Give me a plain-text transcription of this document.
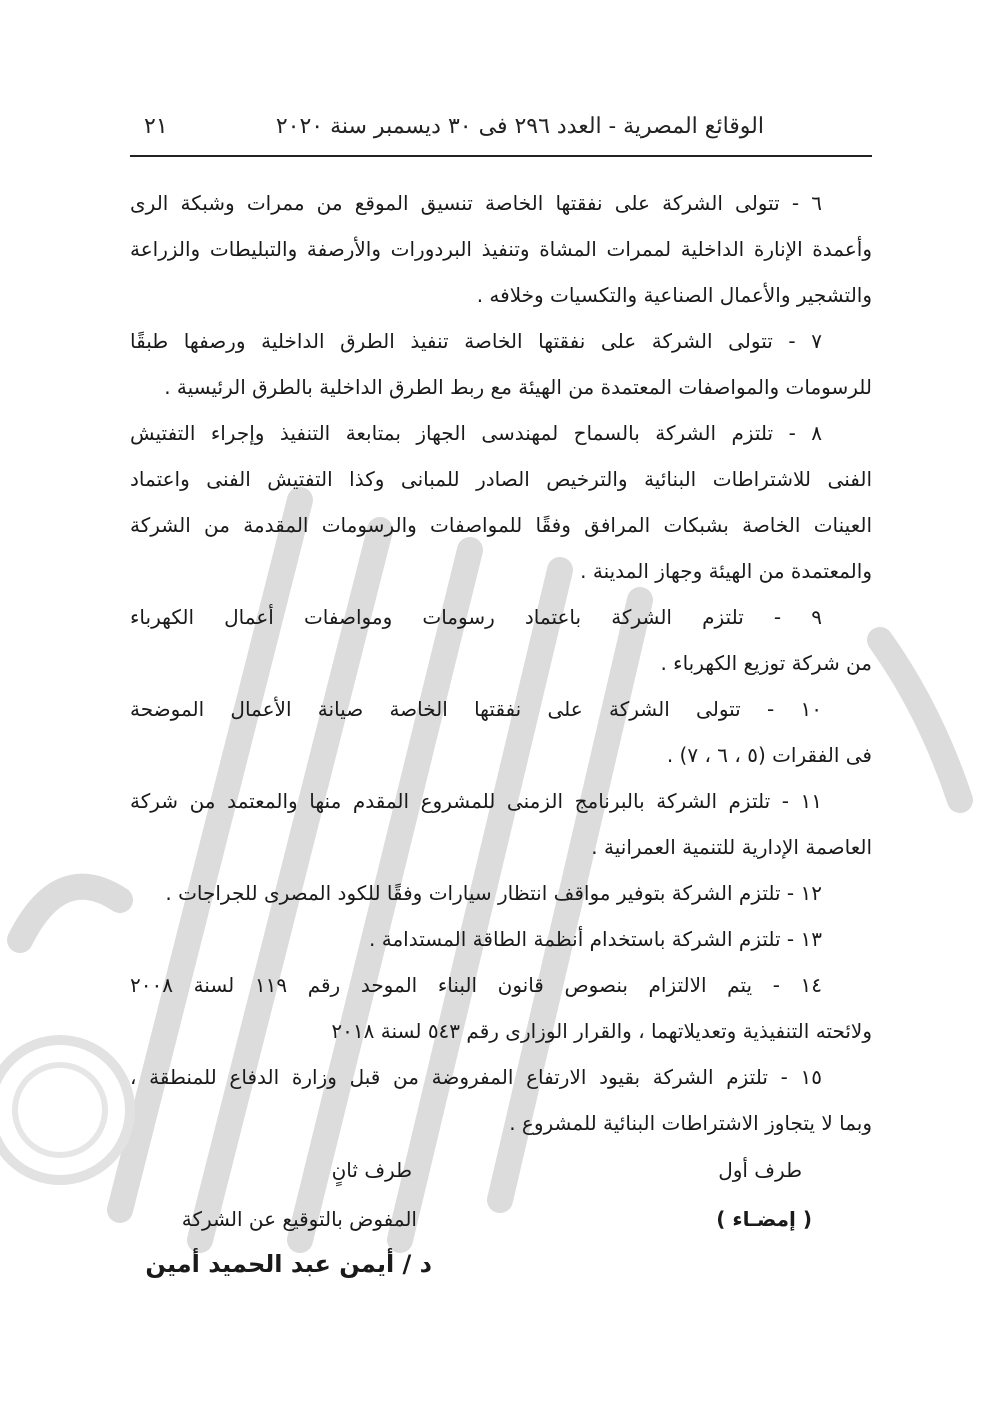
الوقائع المصرية - العدد ٢٩٦ فى ٣٠ ديسمبر سنة ٢٠٢٠
٢١
٦ - تتولى الشركة على نفقتها الخاصة تنسيق الموقع من ممرات وشبكة الرى
وأعمدة الإنارة الداخلية لممرات المشاة وتنفيذ البردورات والأرصفة والتبليطات والزراعة
والتشجير والأعمال الصناعية والتكسيات وخلافه .
٧ - تتولى الشركة على نفقتها الخاصة تنفيذ الطرق الداخلية ورصفها طبقًا
للرسومات والمواصفات المعتمدة من الهيئة مع ربط الطرق الداخلية بالطرق الرئيسية .
٨ - تلتزم الشركة بالسماح لمهندسى الجهاز بمتابعة التنفيذ وإجراء التفتيش
الفنى للاشتراطات البنائية والترخيص الصادر للمبانى وكذا التفتيش الفنى واعتماد
العينات الخاصة بشبكات المرافق وفقًا للمواصفات والرسومات المقدمة من الشركة
والمعتمدة من الهيئة وجهاز المدينة .
٩ - تلتزم الشركة باعتماد رسومات ومواصفات أعمال الكهرباء
من شركة توزيع الكهرباء .
١٠ - تتولى الشركة على نفقتها الخاصة صيانة الأعمال الموضحة
فى الفقرات (٥ ، ٦ ، ٧) .
١١ - تلتزم الشركة بالبرنامج الزمنى للمشروع المقدم منها والمعتمد من شركة
العاصمة الإدارية للتنمية العمرانية .
١٢ - تلتزم الشركة بتوفير مواقف انتظار سيارات وفقًا للكود المصرى للجراجات .
١٣ - تلتزم الشركة باستخدام أنظمة الطاقة المستدامة .
١٤ - يتم الالتزام بنصوص قانون البناء الموحد رقم ١١٩ لسنة ٢٠٠٨
ولائحته التنفيذية وتعديلاتهما ، والقرار الوزارى رقم ٥٤٣ لسنة ٢٠١٨
١٥ - تلتزم الشركة بقيود الارتفاع المفروضة من قبل وزارة الدفاع للمنطقة ،
وبما لا يتجاوز الاشتراطات البنائية للمشروع .
طرف أول
طرف ثانٍ
( إمضـاء )
المفوض بالتوقيع عن الشركة
د / أيمن عبد الحميد أمين
